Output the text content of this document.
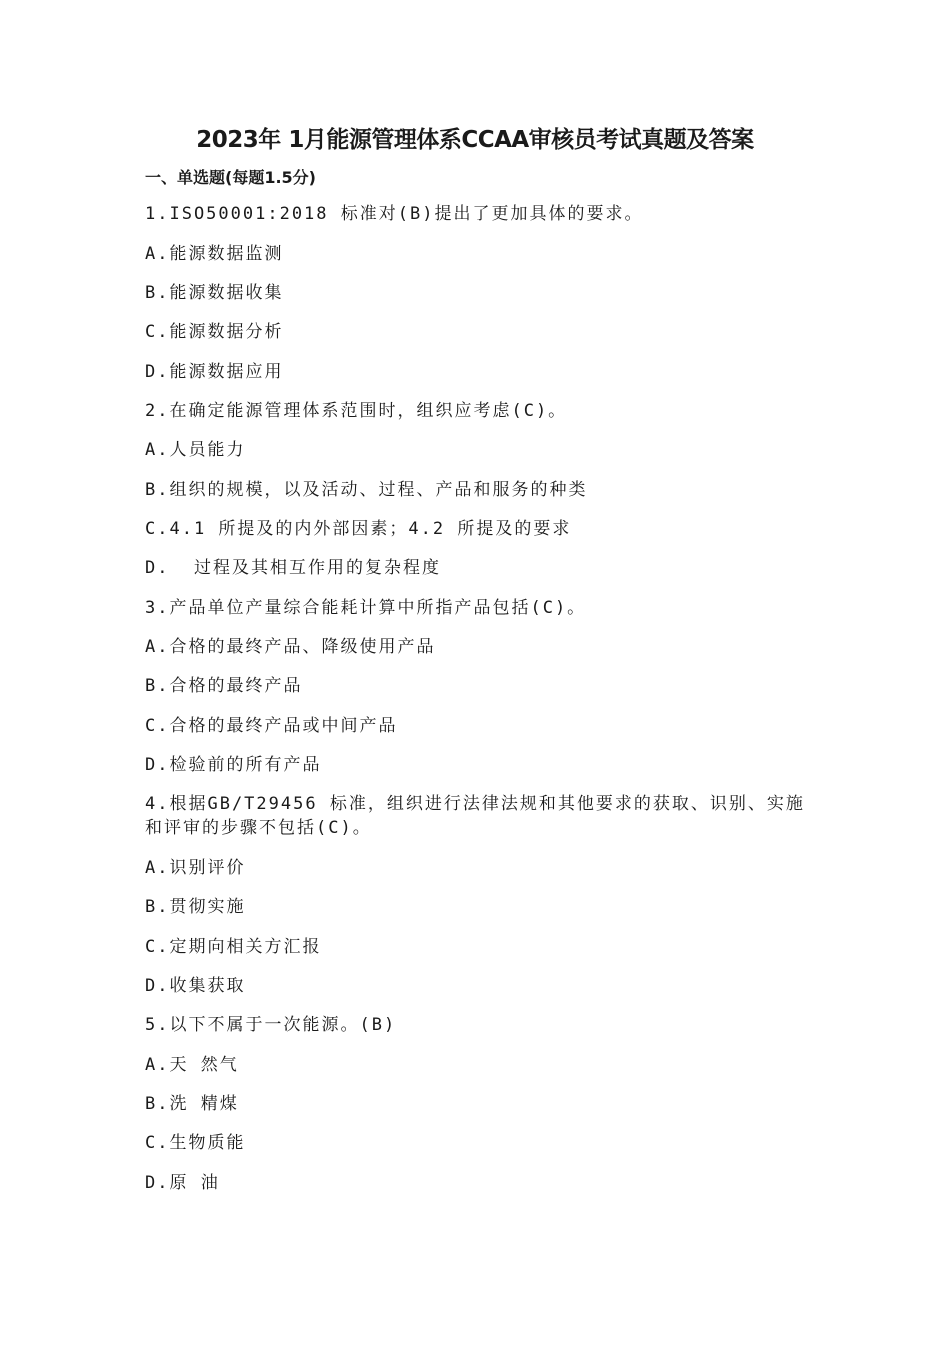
2023年 1月能源管理体系CCAA审核员考试真题及答案
一、单选题(每题1.5分)
1.ISO50001:2018 标准对(B)提出了更加具体的要求。
A.能源数据监测
B.能源数据收集
C.能源数据分析
D.能源数据应用
2.在确定能源管理体系范围时，组织应考虑(C)。
A.人员能力
B.组织的规模，以及活动、过程、产品和服务的种类
C.4.1 所提及的内外部因素；4.2 所提及的要求
D.  过程及其相互作用的复杂程度
3.产品单位产量综合能耗计算中所指产品包括(C)。
A.合格的最终产品、降级使用产品
B.合格的最终产品
C.合格的最终产品或中间产品
D.检验前的所有产品
4.根据GB/T29456 标准，组织进行法律法规和其他要求的获取、识别、实施和评审的步骤不包括(C)。
A.识别评价
B.贯彻实施
C.定期向相关方汇报
D.收集获取
5.以下不属于一次能源。(B)
A.天 然气
B.洗 精煤
C.生物质能
D.原 油
